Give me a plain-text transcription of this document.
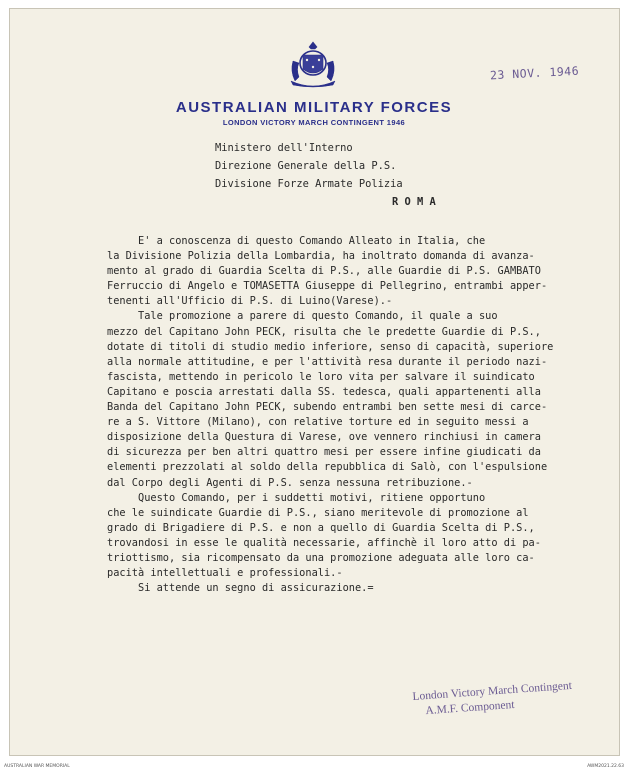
AUSTRALIAN MILITARY FORCES
LONDON VICTORY MARCH CONTINGENT 1946
23 NOV. 1946
Ministero dell'Interno
Direzione Generale della P.S.
Divisione Forze Armate Polizia
R O M A
E' a conoscenza di questo Comando Alleato in Italia, che
la Divisione Polizia della Lombardia, ha inoltrato domanda di avanza-
mento al grado di Guardia Scelta di P.S., alle Guardie di P.S. GAMBATO
Ferruccio di Angelo e TOMASETTA Giuseppe di Pellegrino, entrambi apper-
tenenti all'Ufficio di P.S. di Luino(Varese).-
Tale promozione a parere di questo Comando, il quale a suo
mezzo del Capitano John PECK, risulta che le predette Guardie di P.S.,
dotate di titoli di studio medio inferiore, senso di capacità, superiore
alla normale attitudine, e per l'attività resa durante il periodo nazi-
fascista, mettendo in pericolo le loro vita per salvare il suindicato
Capitano e poscia arrestati dalla SS. tedesca, quali appartenenti alla
Banda del Capitano John PECK, subendo entrambi ben sette mesi di carce-
re a S. Vittore (Milano), con relative torture ed in seguito messi a
disposizione della Questura di Varese, ove vennero rinchiusi in camera
di sicurezza per ben altri quattro mesi per essere infine giudicati da
elementi prezzolati al soldo della repubblica di Salò, con l'espulsione
dal Corpo degli Agenti di P.S. senza nessuna retribuzione.-
Questo Comando, per i suddetti motivi, ritiene opportuno
che le suindicate Guardie di P.S., siano meritevole di promozione al
grado di Brigadiere di P.S. e non a quello di Guardia Scelta di P.S.,
trovandosi in esse le qualità necessarie, affinchè il loro atto di pa-
triottismo, sia ricompensato da una promozione adeguata alle loro ca-
pacità intellettuali e professionali.-
Si attende un segno di assicurazione.=
London Victory March Contingent
A.M.F. Component
AUSTRALIAN WAR MEMORIAL	AWM2021.22.63
